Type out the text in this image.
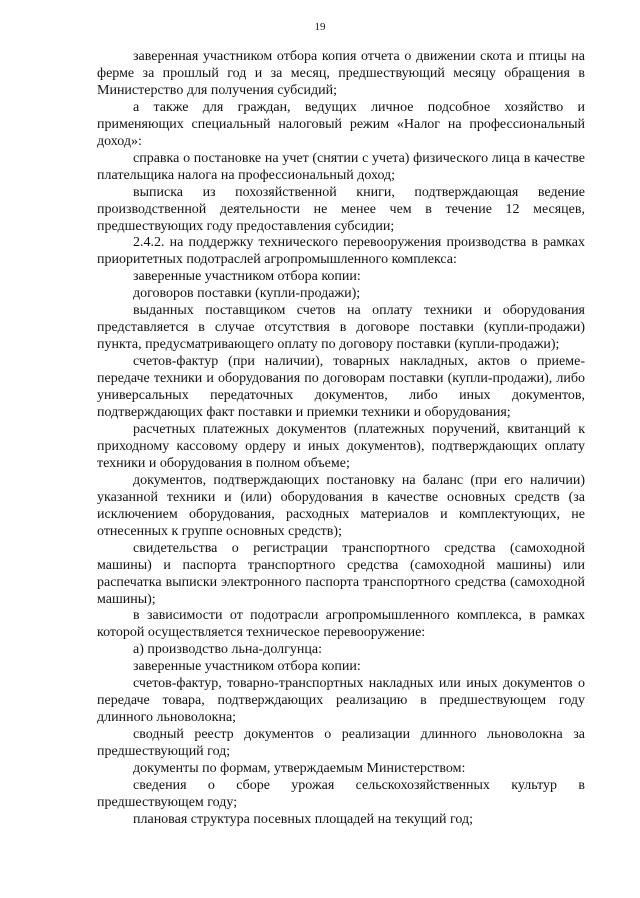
19

заверенная участником отбора копия отчета о движении скота и птицы на ферме за прошлый год и за месяц, предшествующий месяцу обращения в Министерство для получения субсидий;

а также для граждан, ведущих личное подсобное хозяйство и применяющих специальный налоговый режим «Налог на профессиональный доход»:

справка о постановке на учет (снятии с учета) физического лица в качестве плательщика налога на профессиональный доход;

выписка из похозяйственной книги, подтверждающая ведение производственной деятельности не менее чем в течение 12 месяцев, предшествующих году предоставления субсидии;

2.4.2. на поддержку технического перевооружения производства в рамках приоритетных подотраслей агропромышленного комплекса:

заверенные участником отбора копии:

договоров поставки (купли-продажи);

выданных поставщиком счетов на оплату техники и оборудования представляется в случае отсутствия в договоре поставки (купли-продажи) пункта, предусматривающего оплату по договору поставки (купли-продажи);

счетов-фактур (при наличии), товарных накладных, актов о приеме-передаче техники и оборудования по договорам поставки (купли-продажи), либо универсальных передаточных документов, либо иных документов, подтверждающих факт поставки и приемки техники и оборудования;

расчетных платежных документов (платежных поручений, квитанций к приходному кассовому ордеру и иных документов), подтверждающих оплату техники и оборудования в полном объеме;

документов, подтверждающих постановку на баланс (при его наличии) указанной техники и (или) оборудования в качестве основных средств (за исключением оборудования, расходных материалов и комплектующих, не отнесенных к группе основных средств);

свидетельства о регистрации транспортного средства (самоходной машины) и паспорта транспортного средства (самоходной машины) или распечатка выписки электронного паспорта транспортного средства (самоходной машины);

в зависимости от подотрасли агропромышленного комплекса, в рамках которой осуществляется техническое перевооружение:

а) производство льна-долгунца:

заверенные участником отбора копии:

счетов-фактур, товарно-транспортных накладных или иных документов о передаче товара, подтверждающих реализацию в предшествующем году длинного льноволокна;

сводный реестр документов о реализации длинного льноволокна за предшествующий год;

документы по формам, утверждаемым Министерством:

сведения о сборе урожая сельскохозяйственных культур в предшествующем году;

плановая структура посевных площадей на текущий год;
